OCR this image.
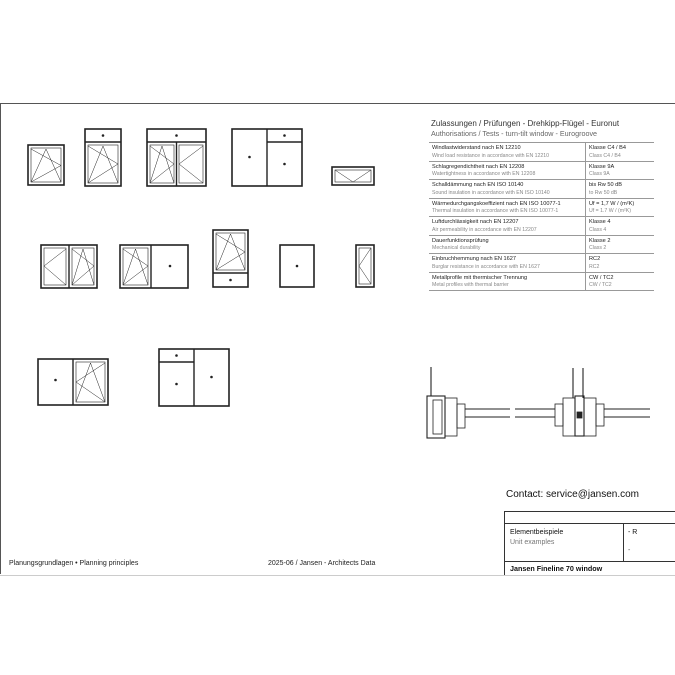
Zulassungen / Prüfungen - Drehkipp-Flügel - Euronut
Authorisations / Tests - turn-tilt window - Eurogroove
Windlastwiderstand nach EN 12210
Wind load resistance in accordance with EN 12210
Klasse C4 / B4
Class C4 / B4
Schlagregendichtheit nach EN 12208
Watertightness in accordance with EN 12208
Klasse 9A
Class 9A
Schalldämmung nach EN ISO 10140
Sound insulation in accordance with EN ISO 10140
bis Rw 50 dB
to Rw 50 dB
Wärmedurchgangskoeffizient nach EN ISO 10077-1
Thermal insulation in accordance with EN ISO 10077-1
Uf = 1,7 W / (m²K)
Uf = 1.7 W / (m²K)
Luftdurchlässigkeit nach EN 12207
Air permeability in accordance with EN 12207
Klasse 4
Class 4
Dauerfunktionsprüfung
Mechanical durability
Klasse 2
Class 2
Einbruchhemmung nach EN 1627
Burglar resistance in accordance with EN 1627
RC2
RC2
Metallprofile mit thermischer Trennung
Metal profiles with thermal barrier
CW / TC2
CW / TC2
Contact: service@jansen.com
Elementbeispiele
Unit examples
- R
-
Jansen Fineline 70 window
Planungsgrundlagen • Planning principles	2025-06 / Jansen - Architects Data
